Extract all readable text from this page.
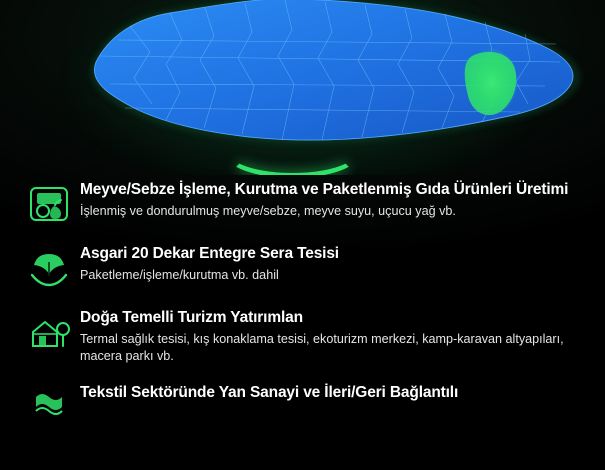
Meyve/Sebze İşleme, Kurutma ve Paketlenmiş Gıda Ürünleri Üretimi

İşlenmiş ve dondurulmuş meyve/sebze, meyve suyu, uçucu yağ vb.

Asgari 20 Dekar Entegre Sera Tesisi

Paketleme/işleme/kurutma vb. dahil

Doğa Temelli Turizm Yatırımlan

Termal sağlık tesisi, kış konaklama tesisi, ekoturizm merkezi, kamp-karavan altyapıları, macera parkı vb.

Tekstil Sektöründe Yan Sanayi ve İleri/Geri Bağlantılı
